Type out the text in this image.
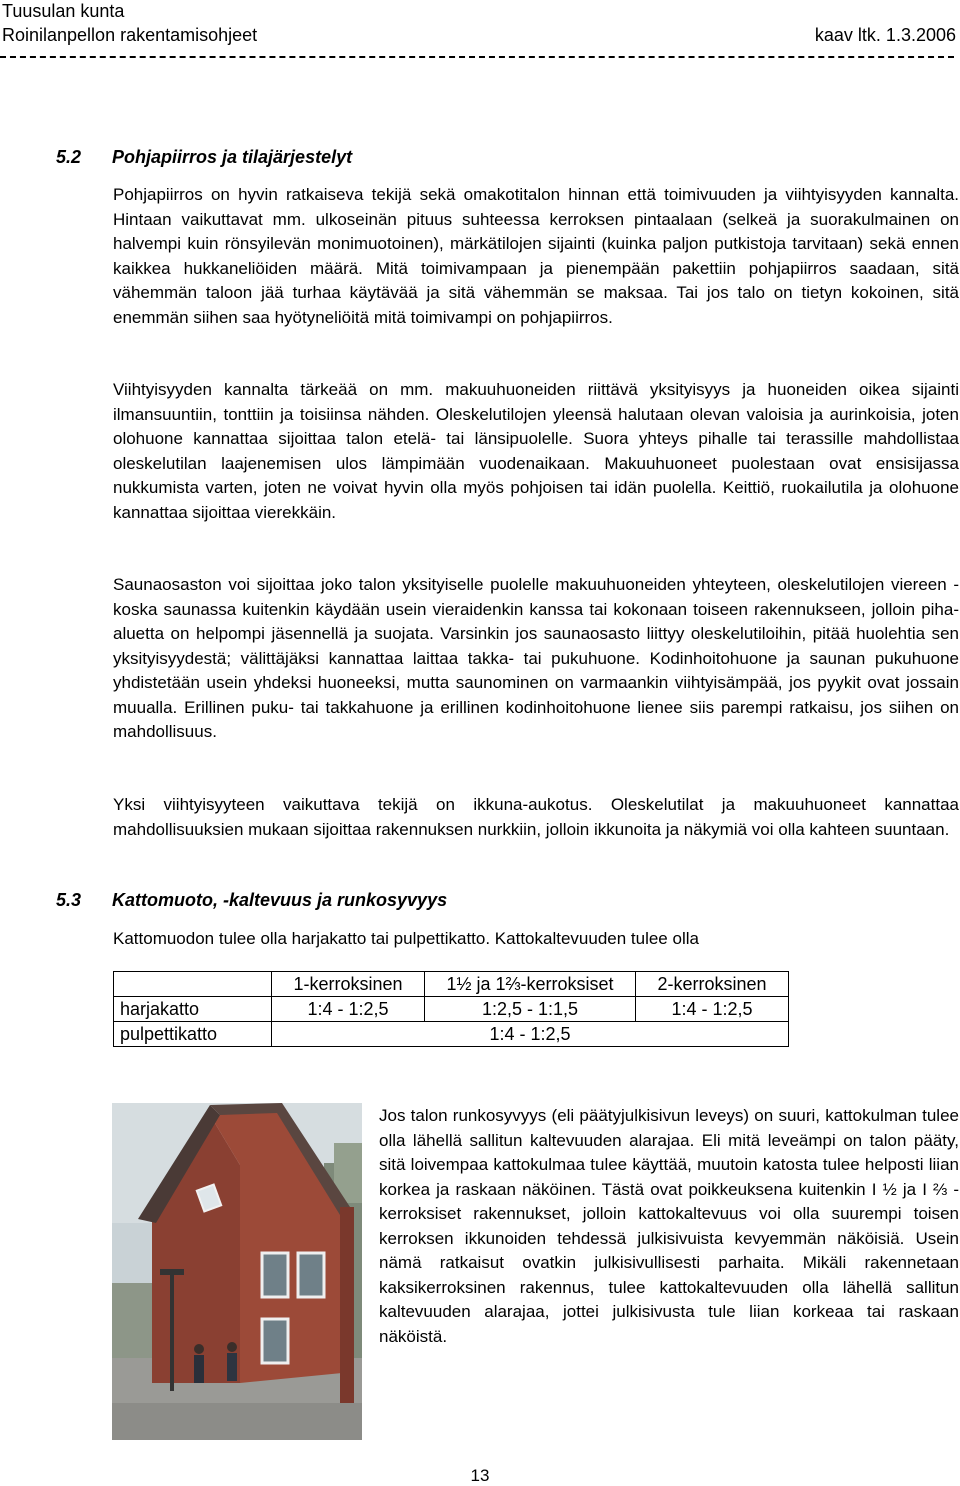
Tuusulan kunta
Roinilanpellon rakentamisohjeet	kaav ltk. 1.3.2006
5.2 Pohjapiirros ja tilajärjestelyt

Pohjapiirros on hyvin ratkaiseva tekijä sekä omakotitalon hinnan että toimivuuden ja viihtyisyyden kannalta. Hintaan vaikuttavat mm. ulkoseinän pituus suhteessa kerroksen pintaalaan (selkeä ja suorakulmainen on halvempi kuin rönsyilevän monimuotoinen), märkätilojen sijainti (kuinka paljon putkistoja tarvitaan) sekä ennen kaikkea hukkaneliöiden määrä. Mitä toimivampaan ja pienempään pakettiin pohjapiirros saadaan, sitä vähemmän taloon jää turhaa käytävää ja sitä vähemmän se maksaa. Tai jos talo on tietyn kokoinen, sitä enemmän siihen saa hyötyneliöitä mitä toimivampi on pohjapiirros.

Viihtyisyyden kannalta tärkeää on mm. makuuhuoneiden riittävä yksityisyys ja huoneiden oikea sijainti ilmansuuntiin, tonttiin ja toisiinsa nähden. Oleskelutilojen yleensä halutaan olevan valoisia ja aurinkoisia, joten olohuone kannattaa sijoittaa talon etelä- tai länsipuolelle. Suora yhteys pihalle tai terassille mahdollistaa oleskelutilan laajenemisen ulos lämpimään vuodenaikaan. Makuuhuoneet puolestaan ovat ensisijassa nukkumista varten, joten ne voivat hyvin olla myös pohjoisen tai idän puolella. Keittiö, ruokailutila ja olohuone kannattaa sijoittaa vierekkäin.

Saunaosaston voi sijoittaa joko talon yksityiselle puolelle makuuhuoneiden yhteyteen, oleskelutilojen viereen - koska saunassa kuitenkin käydään usein vieraidenkin kanssa tai kokonaan toiseen rakennukseen, jolloin piha-aluetta on helpompi jäsennellä ja suojata. Varsinkin jos saunaosasto liittyy oleskelutiloihin, pitää huolehtia sen yksityisyydestä; välittäjäksi kannattaa laittaa takka- tai pukuhuone. Kodinhoitohuone ja saunan pukuhuone yhdistetään usein yhdeksi huoneeksi, mutta saunominen on varmaankin viihtyisämpää, jos pyykit ovat jossain muualla. Erillinen puku- tai takkahuone ja erillinen kodinhoitohuone lienee siis parempi ratkaisu, jos siihen on mahdollisuus.

Yksi viihtyisyyteen vaikuttava tekijä on ikkuna-aukotus. Oleskelutilat ja makuuhuoneet kannattaa mahdollisuuksien mukaan sijoittaa rakennuksen nurkkiin, jolloin ikkunoita ja näkymiä voi olla kahteen suuntaan.

5.3 Kattomuoto, -kaltevuus ja runkosyvyys

Kattomuodon tulee olla harjakatto tai pulpettikatto. Kattokaltevuuden tulee olla

	1-kerroksinen	1½ ja 1⅔-kerroksiset	2-kerroksinen
harjakatto	1:4 - 1:2,5	1:2,5 - 1:1,5	1:4 - 1:2,5
pulpettikatto	1:4 - 1:2,5		

Jos talon runkosyvyys (eli päätyjulkisivun leveys) on suuri, kattokulman tulee olla lähellä sallitun kaltevuuden alarajaa. Eli mitä leveämpi on talon pääty, sitä loivempaa kattokulmaa tulee käyttää, muutoin katosta tulee helposti liian korkea ja raskaan näköinen. Tästä ovat poikkeuksena kuitenkin I ½ ja I ⅔ -kerroksiset rakennukset, jolloin kattokaltevuus voi olla suurempi toisen kerroksen ikkunoiden tehdessä julkisivuista kevyemmän näköisiä. Usein nämä ratkaisut ovatkin julkisivullisesti parhaita. Mikäli rakennetaan kaksikerroksinen rakennus, tulee kattokaltevuuden olla lähellä sallitun kaltevuuden alarajaa, jottei julkisivusta tule liian korkeaa tai raskaan näköistä.

13
